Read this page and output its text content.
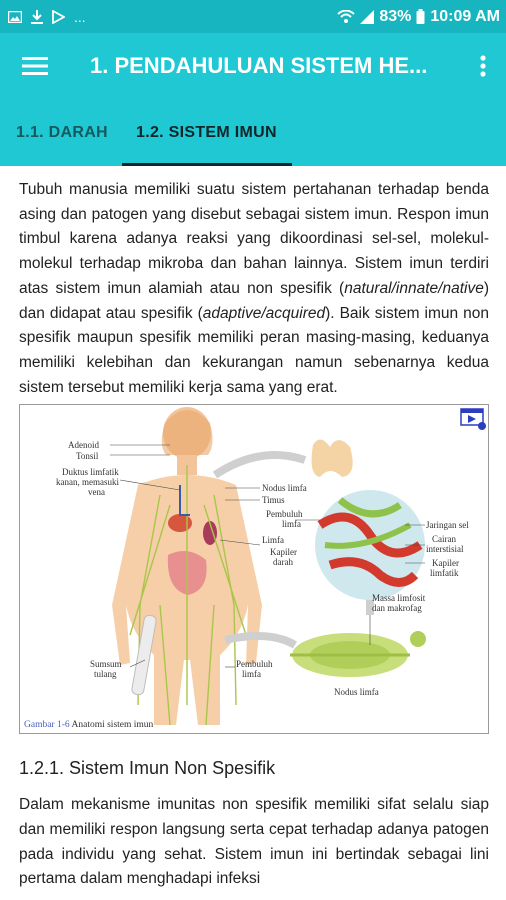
...	83% 10:09 AM
1. PENDAHULUAN SISTEM HE...
1.1. DARAH	1.2. SISTEM IMUN

Tubuh manusia memiliki suatu sistem pertahanan terhadap benda asing dan patogen yang disebut sebagai sistem imun. Respon imun timbul karena adanya reaksi yang dikoordinasi sel-sel, molekul-molekul terhadap mikroba dan bahan lainnya. Sistem imun terdiri atas sistem imun alamiah atau non spesifik (natural/innate/native) dan didapat atau spesifik (adaptive/acquired). Baik sistem imun non spesifik maupun spesifik memiliki peran masing-masing, keduanya memiliki kelebihan dan kekurangan namun sebenarnya kedua sistem tersebut memiliki kerja sama yang erat.

Adenoid
Tonsil
Duktus limfatik
kanan, memasuki
vena	Nodus limfa
Timus
Pembuluh
limfa
Limfa
Kapiler
darah
Jaringan sel
Cairan
interstisial
Kapiler
limfatik
Massa limfosit
dan makrofag
Sumsum
tulang
Pembuluh
limfa
Nodus limfa
Gambar 1-6 Anatomi sistem imun
1.2.1. Sistem Imun Non Spesifik

Dalam mekanisme imunitas non spesifik memiliki sifat selalu siap dan memiliki respon langsung serta cepat terhadap adanya patogen pada individu yang sehat. Sistem imun ini bertindak sebagai lini pertama dalam menghadapi infeksi
